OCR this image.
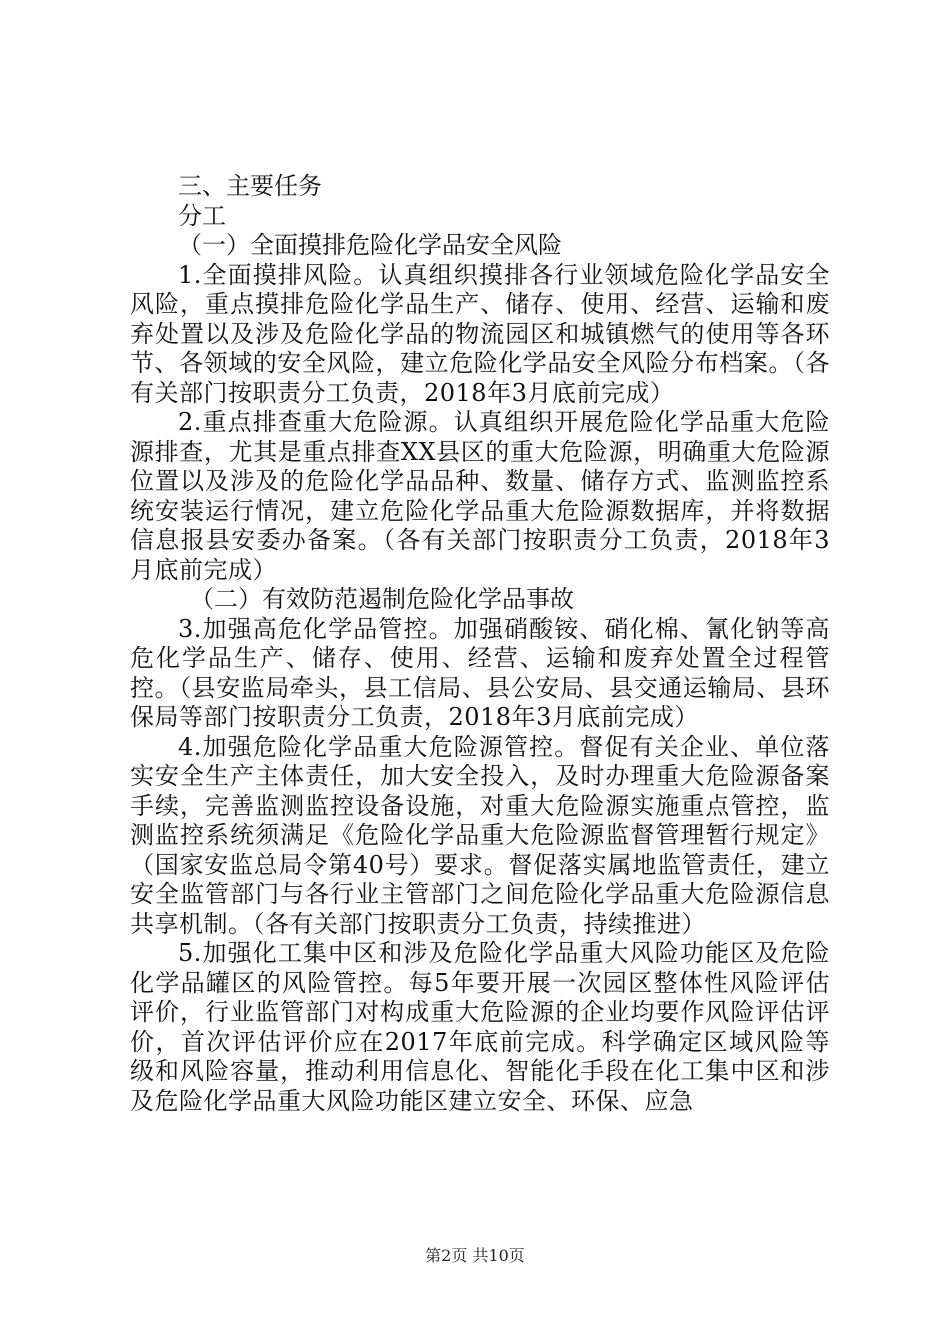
三、主要任务

分工

（一）全面摸排危险化学品安全风险

1.全面摸排风险。认真组织摸排各行业领域危险化学品安全风险，重点摸排危险化学品生产、储存、使用、经营、运输和废弃处置以及涉及危险化学品的物流园区和城镇燃气的使用等各环节、各领域的安全风险，建立危险化学品安全风险分布档案。（各有关部门按职责分工负责，2018年3月底前完成）

2.重点排查重大危险源。认真组织开展危险化学品重大危险源排查，尤其是重点排查XX县区的重大危险源，明确重大危险源位置以及涉及的危险化学品品种、数量、储存方式、监测监控系统安装运行情况，建立危险化学品重大危险源数据库，并将数据信息报县安委办备案。（各有关部门按职责分工负责，2018年3月底前完成）

（二）有效防范遏制危险化学品事故

3.加强高危化学品管控。加强硝酸铵、硝化棉、氰化钠等高危化学品生产、储存、使用、经营、运输和废弃处置全过程管控。（县安监局牵头，县工信局、县公安局、县交通运输局、县环保局等部门按职责分工负责，2018年3月底前完成）

4.加强危险化学品重大危险源管控。督促有关企业、单位落实安全生产主体责任，加大安全投入，及时办理重大危险源备案手续，完善监测监控设备设施，对重大危险源实施重点管控，监测监控系统须满足《危险化学品重大危险源监督管理暂行规定》（国家安监总局令第40号）要求。督促落实属地监管责任，建立安全监管部门与各行业主管部门之间危险化学品重大危险源信息共享机制。（各有关部门按职责分工负责，持续推进）

5.加强化工集中区和涉及危险化学品重大风险功能区及危险化学品罐区的风险管控。每5年要开展一次园区整体性风险评估评价，行业监管部门对构成重大危险源的企业均要作风险评估评价，首次评估评价应在2017年底前完成。科学确定区域风险等级和风险容量，推动利用信息化、智能化手段在化工集中区和涉及危险化学品重大风险功能区建立安全、环保、应急

第2页 共10页
